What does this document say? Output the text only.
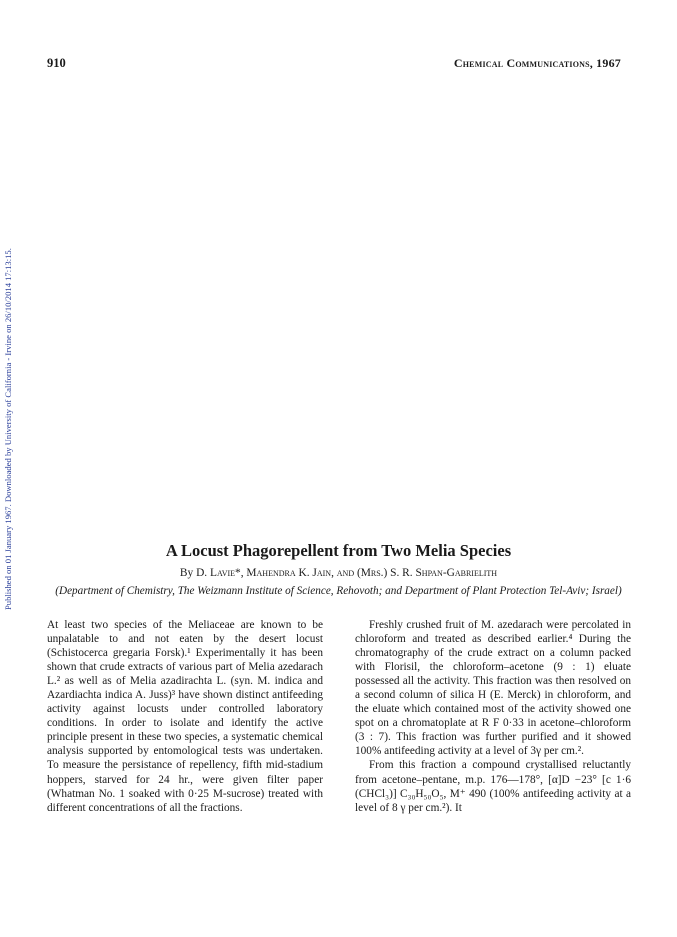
Published on 01 January 1967. Downloaded by University of California - Irvine on 26/10/2014 17:13:15.
910	Chemical Communications, 1967
A Locust Phagorepellent from Two Melia Species
By D. Lavie*, Mahendra K. Jain, and (Mrs.) S. R. Shpan-Gabrielith
(Department of Chemistry, The Weizmann Institute of Science, Rehovoth; and Department of Plant Protection Tel-Aviv; Israel)

At least two species of the Meliaceae are known to be unpalatable to and not eaten by the desert locust (Schistocerca gregaria Forsk).¹ Experimentally it has been shown that crude extracts of various part of Melia azedarach L.² as well as of Melia azadirachta L. (syn. M. indica and Azardiachta indica A. Juss)³ have shown distinct antifeeding activity against locusts under controlled laboratory conditions. In order to isolate and identify the active principle present in these two species, a systematic chemical analysis supported by entomological tests was undertaken. To measure the persistance of repellency, fifth mid-stadium hoppers, starved for 24 hr., were given filter paper (Whatman No. 1 soaked with 0·25 M-sucrose) treated with different concentrations of all the fractions.

Freshly crushed fruit of M. azedarach were percolated in chloroform and treated as described earlier.⁴ During the chromatography of the crude extract on a column packed with Florisil, the chloroform–acetone (9 : 1) eluate possessed all the activity. This fraction was then resolved on a second column of silica H (E. Merck) in chloroform, and the eluate which contained most of the activity showed one spot on a chromatoplate at R F 0·33 in acetone–chloroform (3 : 7). This fraction was further purified and it showed 100% antifeeding activity at a level of 3γ per cm.².

From this fraction a compound crystallised reluctantly from acetone–pentane, m.p. 176—178°, [α]D −23° [c 1·6 (CHCl₃)] C₃₀H₅₀O₅, M⁺ 490 (100% antifeeding activity at a level of 8 γ per cm.²). It
